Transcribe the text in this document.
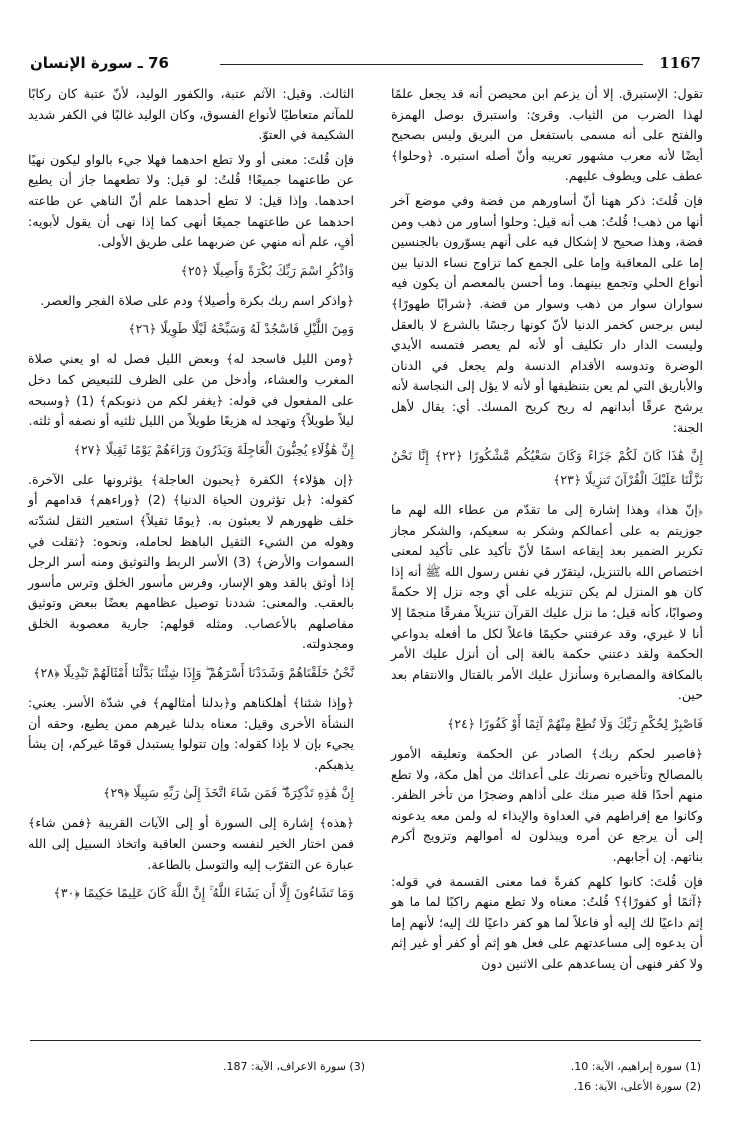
1167
76 ـ سورة الإنسان

تقول: الإستبرق. إلا أن يزعم ابن محيصن أنه قد يجعل علمًا لهذا الضرب من الثياب. وقرئ: واستبرق بوصل الهمزة والفتح على أنه مسمى باستفعل من البريق وليس بصحيح أيضًا لأنه معرب مشهور تعريبه وأنّ أصله استبره. ﴿وحلوا﴾ عطف على ويطوف عليهم.

فإن قُلتَ: ذكر ههنا أنّ أساورهم من فضة وفي موضع آخر أنها من ذهب! قُلتُ: هب أنه قيل: وحلوا أساور من ذهب ومن فضة، وهذا صحيح لا إشكال فيه على أنهم يسوّرون بالجنسين إما على المعاقبة وإما على الجمع كما تزاوج نساء الدنيا بين أنواع الحلي وتجمع بينهما. وما أحسن بالمعصم أن يكون فيه سواران سوار من ذهب وسوار من فضة. ﴿شرابًا طهورًا﴾ ليس برجس كخمر الدنيا لأنّ كونها رجسًا بالشرع لا بالعقل وليست الدار دار تكليف أو لأنه لم يعصر فتمسه الأيدي الوضرة وتدوسه الأقدام الدنسة ولم يجعل في الدنان والأباريق التي لم يعن بتنظيفها أو لأنه لا يؤل إلى النجاسة لأنه يرشح عرقًا أبدانهم له ريح كريح المسك. أي: يقال لأهل الجنة:

إِنَّ هَٰذَا كَانَ لَكُمْ جَزَاءً وَكَانَ سَعْيُكُم مَّشْكُورًا ﴿٢٢﴾ إِنَّا نَحْنُ نَزَّلْنَا عَلَيْكَ الْقُرْآنَ تَنزِيلًا ﴿٢٣﴾

﴿إنّ هذا﴾ وهذا إشارة إلى ما تقدّم من عطاء الله لهم ما جوزيتم به على أعمالكم وشكر به سعيكم، والشكر مجاز تكرير الضمير بعد إيقاعه اسمًا لأنّ تأكيد على تأكيد لمعنى اختصاص الله بالتنزيل، ليتقرّر في نفس رسول الله ﷺ أنه إذا كان هو المنزل لم يكن تنزيله على أي وجه نزل إلا حكمةً وصوابًا، كأنه قيل: ما نزل عليك القرآن تنزيلاً مفرقًا منجمًا إلا أنا لا غيري، وقد عرفتني حكيمًا فاعلاً لكل ما أفعله بدواعي الحكمة ولقد دعتني حكمة بالغة إلى أن أنزل عليك الأمر بالمكافة والمصابرة وسأنزل عليك الأمر بالقتال والانتقام بعد حين.

فَاصْبِرْ لِحُكْمِ رَبِّكَ وَلَا تُطِعْ مِنْهُمْ آثِمًا أَوْ كَفُورًا ﴿٢٤﴾

﴿فاصبر لحكم ربك﴾ الصادر عن الحكمة وتعليقه الأمور بالمصالح وتأخيره نصرتك على أعدائك من أهل مكة، ولا تطع منهم أحدًا قلة صبر منك على أذاهم وضجرًا من تأخر الظفر. وكانوا مع إفراطهم في العداوة والإيذاء له ولمن معه يدعونه إلى أن يرجع عن أمره ويبذلون له أموالهم وتزويج أكرم بناتهم. إن أجابهم.

فإن قُلتَ: كانوا كلهم كفرةً فما معنى القسمة في قوله: ﴿آثمًا أو كفورًا﴾؟ قُلتُ: معناه ولا تطع منهم راكبًا لما ما هو إثم داعيًا لك إليه أو فاعلاً لما هو كفر داعيًا لك إليه؛ لأنهم إما أن يدعوه إلى مساعدتهم على فعل هو إثم أو كفر أو غير إثم ولا كفر فنهى أن يساعدهم على الاثنين دون

الثالث. وقيل: الآثم عتبة، والكفور الوليد، لأنّ عتبة كان ركابًا للمآثم متعاطيًا لأنواع الفسوق، وكان الوليد غالبًا في الكفر شديد الشكيمة في العتوّ.

فإن قُلتَ: معنى أو ولا تطع احدهما فهلا جيء بالواو ليكون نهيًا عن طاعتهما جميعًا! قُلتُ: لو قيل: ولا تطعهما جاز أن يطيع احدهما. وإذا قيل: لا تطع أحدهما علم أنّ الناهي عن طاعته احدهما عن طاعتهما جميعًا أنهى كما إذا نهى أن يقول لأبويه: أفٍ، علم أنه منهي عن ضربهما على طريق الأولى.

وَاذْكُرِ اسْمَ رَبِّكَ بُكْرَةً وَأَصِيلًا ﴿٢٥﴾

﴿واذكر اسم ربك بكرة وأصيلا﴾ ودم على صلاة الفجر والعصر.

وَمِنَ اللَّيْلِ فَاسْجُدْ لَهُ وَسَبِّحْهُ لَيْلًا طَوِيلًا ﴿٢٦﴾

﴿ومن الليل فاسجد له﴾ وبعض الليل فصل له او يعني صلاة المغرب والعشاء، وأدخل من على الظرف للتبعيض كما دخل على المفعول في قوله: ﴿يغفر لكم من ذنوبكم﴾ (1) ﴿وسبحه ليلاً طويلاً﴾ وتهجد له هزيعًا طويلاً من الليل ثلثيه أو نصفه أو ثلثه.

إِنَّ هَٰؤُلَاءِ يُحِبُّونَ الْعَاجِلَةَ وَيَذَرُونَ وَرَاءَهُمْ يَوْمًا ثَقِيلًا ﴿٢٧﴾

﴿إن هؤلاء﴾ الكفرة ﴿يحبون العاجلة﴾ يؤثرونها على الآخرة. كقوله: ﴿بل تؤثرون الحياة الدنيا﴾ (2) ﴿وراءهم﴾ قدامهم أو خلف ظهورهم لا يعبئون به. ﴿يومًا ثقيلاً﴾ استعير الثقل لشدّته وهوله من الشيء الثقيل الباهظ لحامله، ونحوه: ﴿ثقلت في السموات والأرض﴾ (3) الأسر الربط والتوثيق ومنه أسر الرجل إذا أوثق بالقد وهو الإسار، وفرس مأسور الخلق وترس مأسور بالعقب. والمعنى: شددنا توصيل عظامهم بعضًا ببعض وتوثيق مفاصلهم بالأعصاب. ومثله قولهم: جارية معصوبة الخلق ومجدولته.

نَّحْنُ خَلَقْنَاهُمْ وَشَدَدْنَا أَسْرَهُمْ ۖ وَإِذَا شِئْنَا بَدَّلْنَا أَمْثَالَهُمْ تَبْدِيلًا ﴿٢٨﴾

﴿وإذا شئنا﴾ أهلكناهم و﴿بدلنا أمثالهم﴾ في شدّة الأسر. يعني: النشأة الأخرى وقيل: معناه بدلنا غيرهم ممن يطيع، وحقه أن يجيء بإن لا بإذا كقوله: وإن تتولوا يستبدل قومًا غيركم، إن يشأ يذهبكم.

إِنَّ هَٰذِهِ تَذْكِرَةٌ ۖ فَمَن شَاءَ اتَّخَذَ إِلَىٰ رَبِّهِ سَبِيلًا ﴿٢٩﴾

﴿هذه﴾ إشارة إلى السورة أو إلى الآيات القريبة ﴿فمن شاء﴾ فمن اختار الخير لنفسه وحسن العاقبة واتخاذ السبيل إلى الله عبارة عن التقرّب إليه والتوسل بالطاعة.

وَمَا تَشَاءُونَ إِلَّا أَن يَشَاءَ اللَّهُ ۚ إِنَّ اللَّهَ كَانَ عَلِيمًا حَكِيمًا ﴿٣٠﴾
(1) سورة إبراهيم، الآية: 10.
(2) سورة الأعلى، الآية: 16.
(3) سورة الاعراف، الآية: 187.
